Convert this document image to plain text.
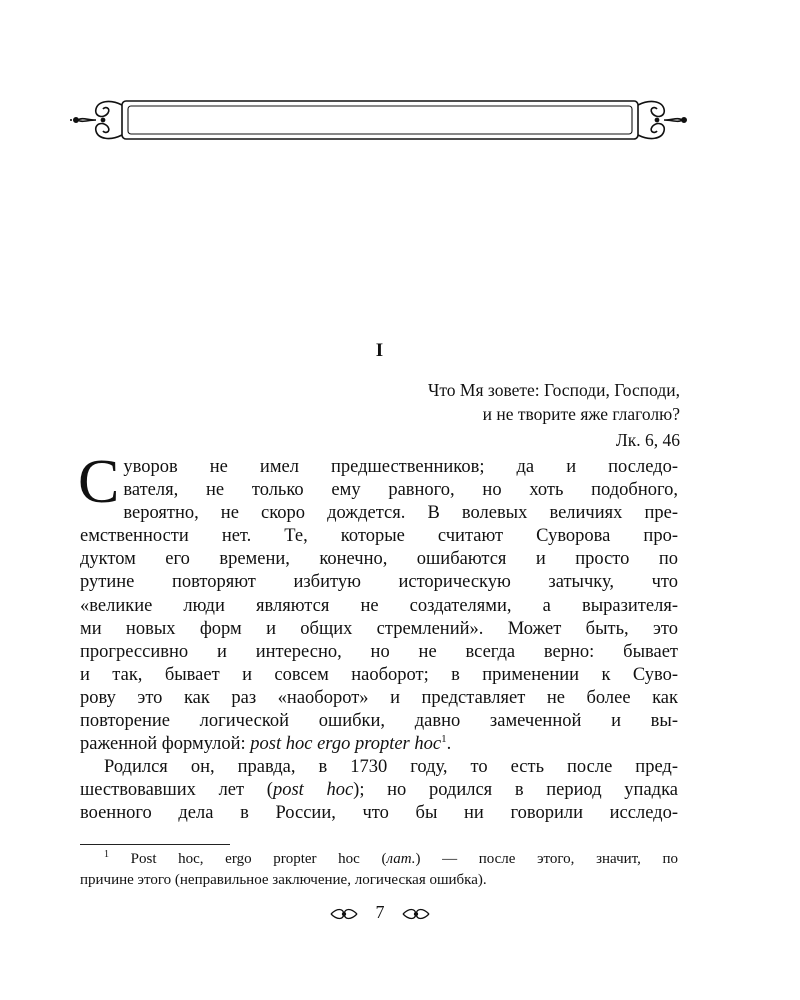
I
Что Мя зовете: Господи, Господи,
и не творите яже глаголю?
Лк. 6, 46
С уворов не имел предшественников; да и последо-
вателя, не только ему равного, но хоть подобного,
вероятно, не скоро дождется. В волевых величиях пре-
емственности нет. Те, которые считают Суворова про-
дуктом его времени, конечно, ошибаются и просто по
рутине повторяют избитую историческую затычку, что
«великие люди являются не создателями, а выразителя-
ми новых форм и общих стремлений». Может быть, это
прогрессивно и интересно, но не всегда верно: бывает
и так, бывает и совсем наоборот; в применении к Суво-
рову это как раз «наоборот» и представляет не более как
повторение логической ошибки, давно замеченной и вы-
раженной формулой: post hoc ergo propter hoc$^1$.
Родился он, правда, в 1730 году, то есть после пред-
шествовавших лет (post hoc); но родился в период упадка
военного дела в России, что бы ни говорили исследо-
$^1$ Post hoc, ergo propter hoc (лат.) — после этого, значит, по
причине этого (неправильное заключение, логическая ошибка).
7
